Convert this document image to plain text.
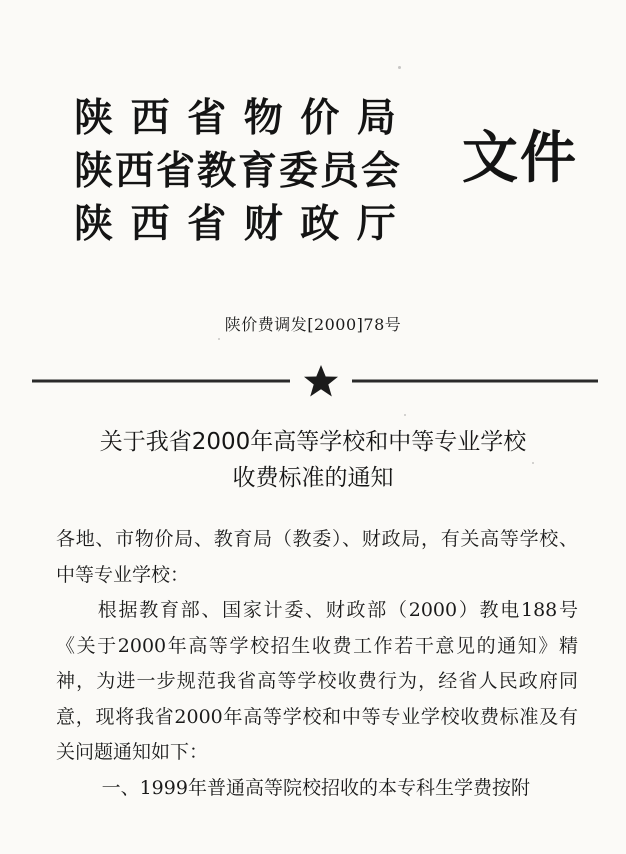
陕 西 省 物 价 局
陕西省教育委员会
陕 西 省 财 政 厅
文件
陕价费调发[2000]78号
关于我省2000年高等学校和中等专业学校
收费标准的通知

各地、市物价局、教育局（教委）、财政局，有关高等学校、中等专业学校：

根据教育部、国家计委、财政部（2000）教电188号《关于2000年高等学校招生收费工作若干意见的通知》精神，为进一步规范我省高等学校收费行为，经省人民政府同意，现将我省2000年高等学校和中等专业学校收费标准及有关问题通知如下：

一、1999年普通高等院校招收的本专科生学费按附
